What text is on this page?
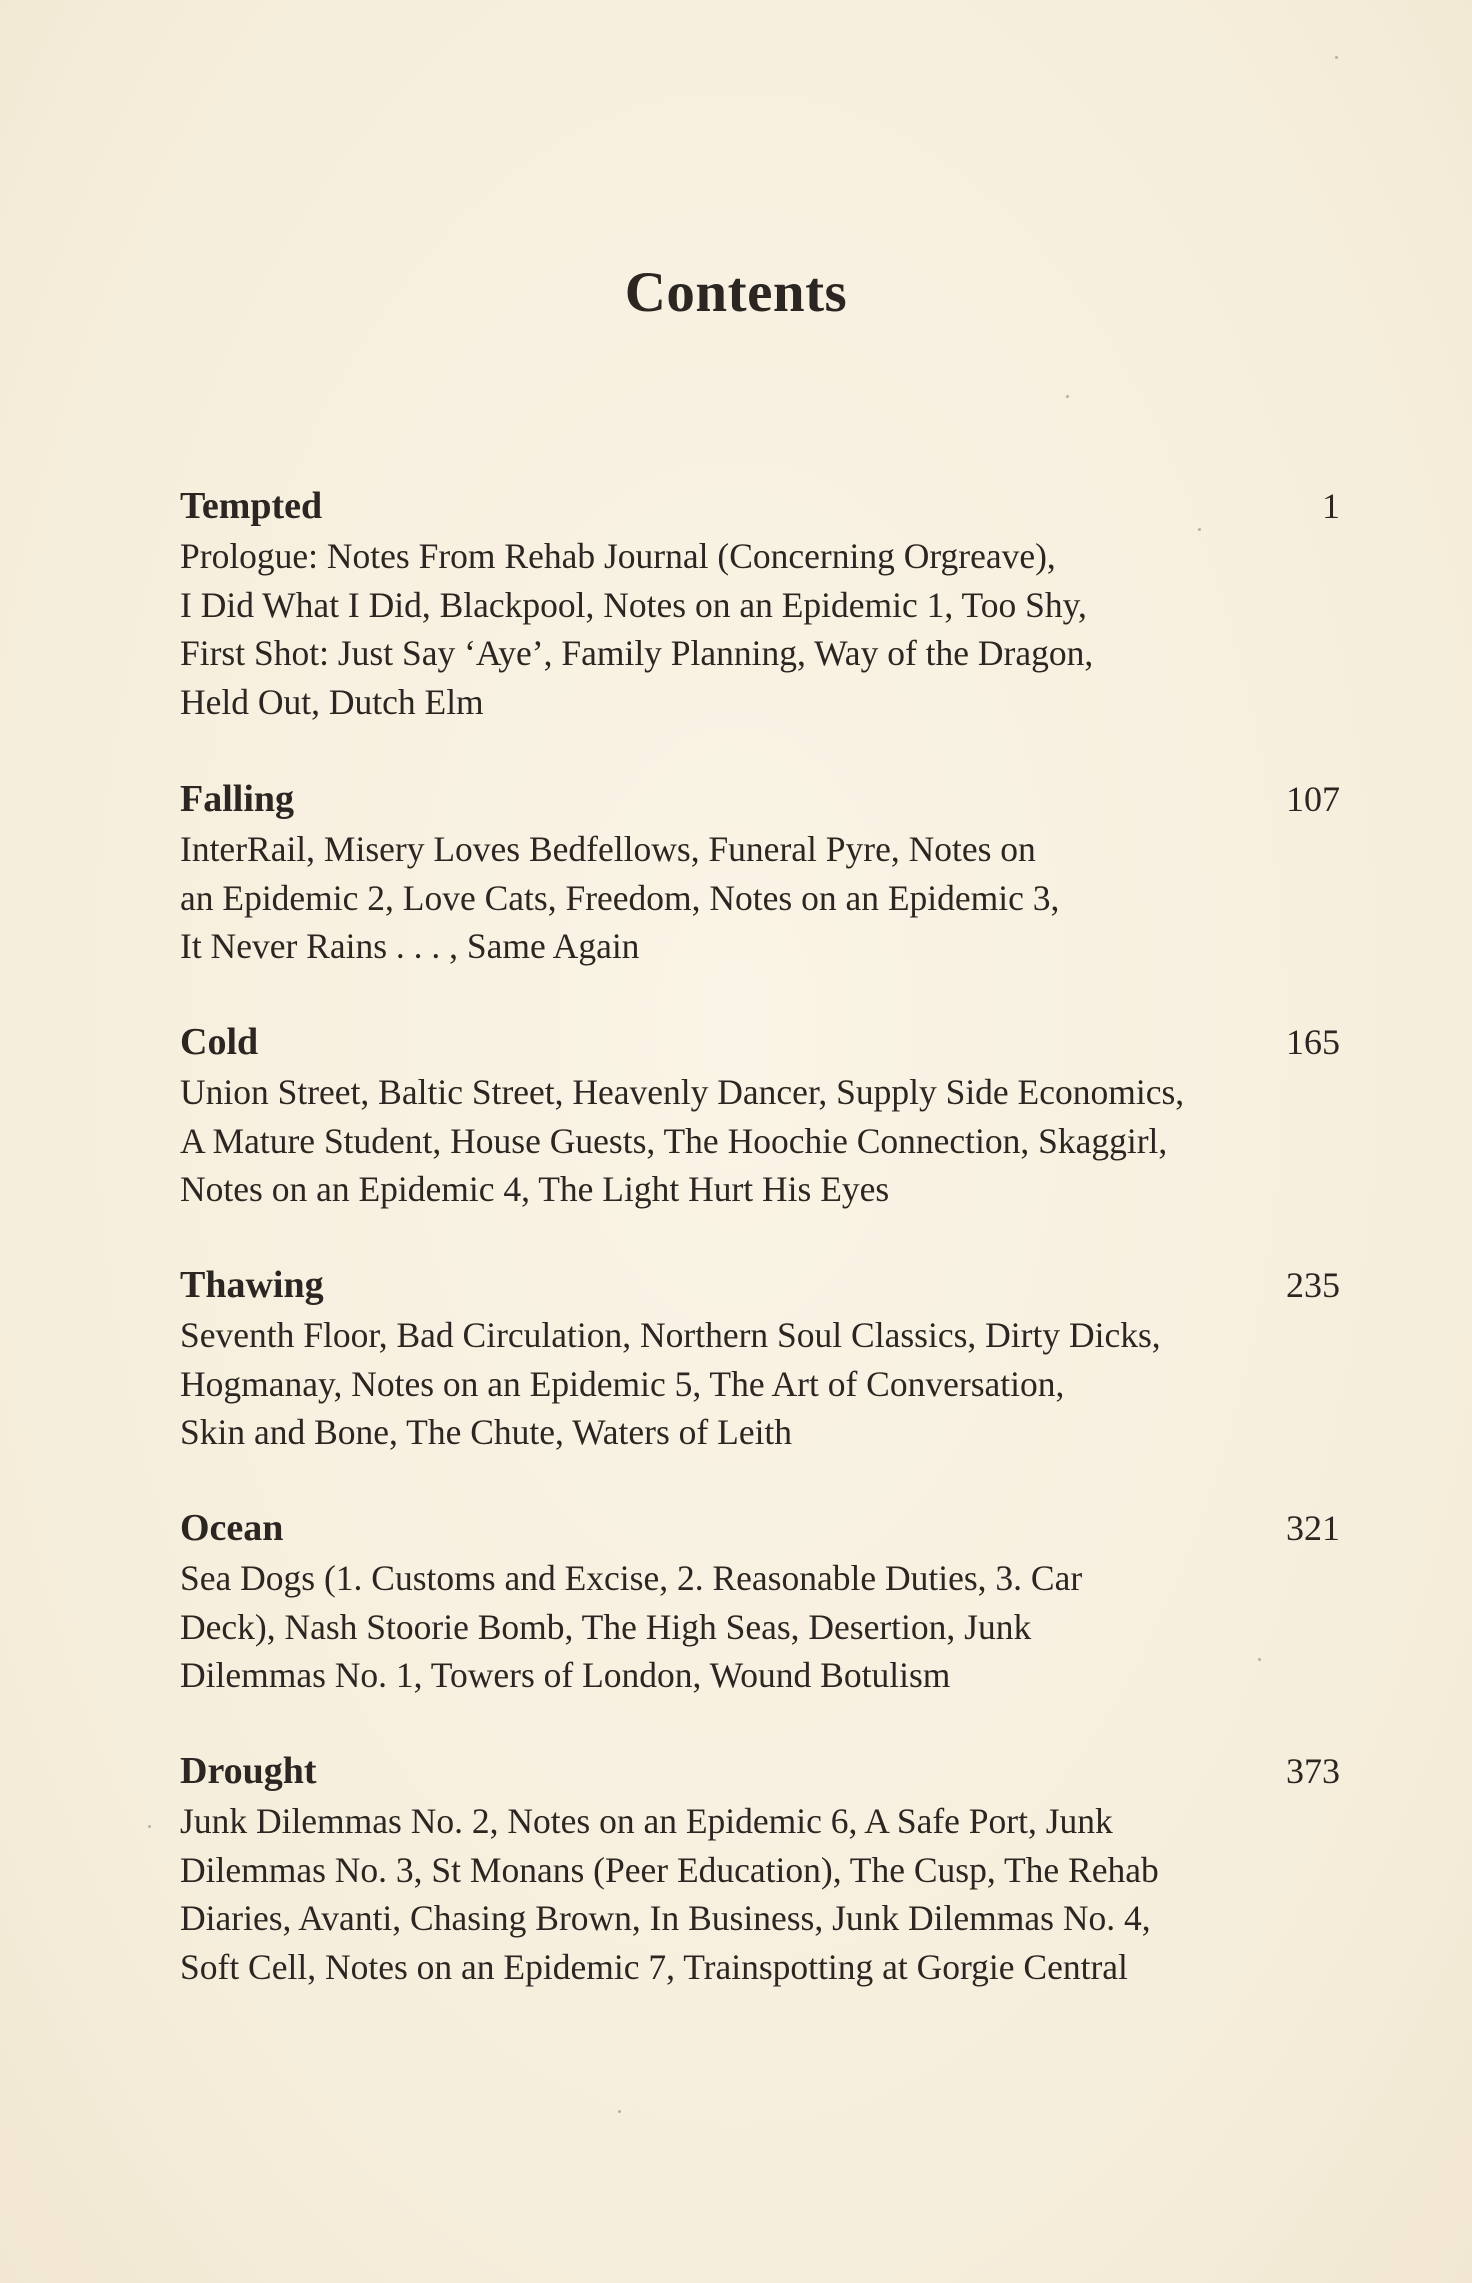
Contents
Tempted	1
Prologue: Notes From Rehab Journal (Concerning Orgreave),
I Did What I Did, Blackpool, Notes on an Epidemic 1, Too Shy,
First Shot: Just Say ‘Aye’, Family Planning, Way of the Dragon,
Held Out, Dutch Elm
Falling	107
InterRail, Misery Loves Bedfellows, Funeral Pyre, Notes on
an Epidemic 2, Love Cats, Freedom, Notes on an Epidemic 3,
It Never Rains . . . , Same Again
Cold	165
Union Street, Baltic Street, Heavenly Dancer, Supply Side Economics,
A Mature Student, House Guests, The Hoochie Connection, Skaggirl,
Notes on an Epidemic 4, The Light Hurt His Eyes
Thawing	235
Seventh Floor, Bad Circulation, Northern Soul Classics, Dirty Dicks,
Hogmanay, Notes on an Epidemic 5, The Art of Conversation,
Skin and Bone, The Chute, Waters of Leith
Ocean	321
Sea Dogs (1. Customs and Excise, 2. Reasonable Duties, 3. Car
Deck), Nash Stoorie Bomb, The High Seas, Desertion, Junk
Dilemmas No. 1, Towers of London, Wound Botulism
Drought	373
Junk Dilemmas No. 2, Notes on an Epidemic 6, A Safe Port, Junk
Dilemmas No. 3, St Monans (Peer Education), The Cusp, The Rehab
Diaries, Avanti, Chasing Brown, In Business, Junk Dilemmas No. 4,
Soft Cell, Notes on an Epidemic 7, Trainspotting at Gorgie Central
